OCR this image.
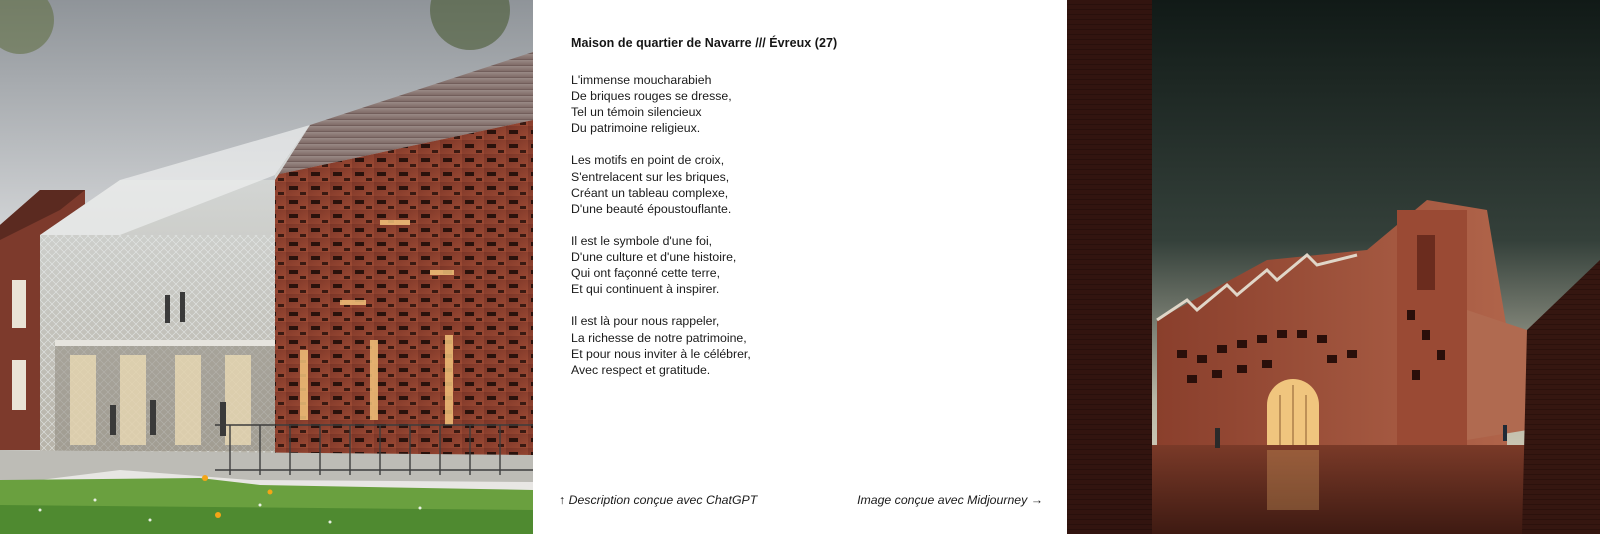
Maison de quartier de Navarre /// Évreux (27)
L'immense moucharabieh
De briques rouges se dresse,
Tel un témoin silencieux
Du patrimoine religieux.
Les motifs en point de croix,
S'entrelacent sur les briques,
Créant un tableau complexe,
D'une beauté époustouflante.
Il est le symbole d'une foi,
D'une culture et d'une histoire,
Qui ont façonné cette terre,
Et qui continuent à inspirer.
Il est là pour nous rappeler,
La richesse de notre patrimoine,
Et pour nous inviter à le célébrer,
Avec respect et gratitude.
↑ Description conçue avec ChatGPT	Image conçue avec Midjourney →
